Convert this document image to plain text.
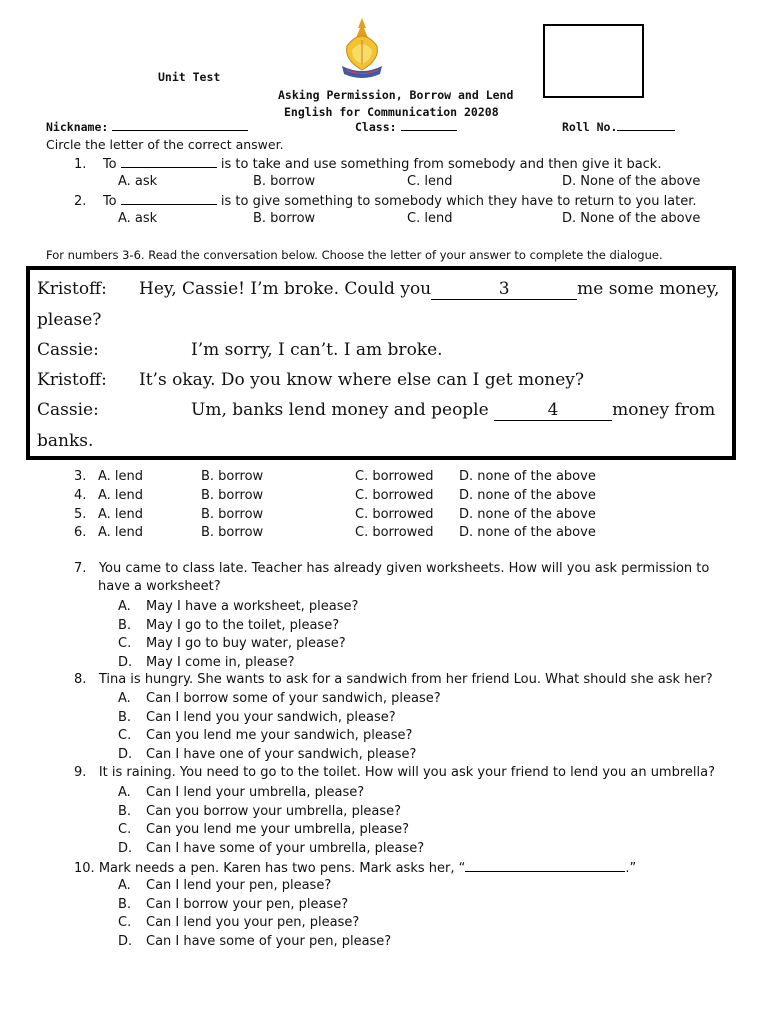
Unit Test
Asking Permission, Borrow and Lend
English for Communication 20208
Nickname:	Class:	Roll No.
Circle the letter of the correct answer.
1. To	is to take and use something from somebody and then give it back.
A. ask	B. borrow	C. lend	D. None of the above
2. To	is to give something to somebody which they have to return to you later.
A. ask	B. borrow	C. lend	D. None of the above
For numbers 3-6. Read the conversation below. Choose the letter of your answer to complete the dialogue.
Kristoff: Hey, Cassie! I’m broke. Could you	3	me some money,
please?
Cassie:	I’m sorry, I can’t. I am broke.
Kristoff: It’s okay. Do you know where else can I get money?
Cassie:	Um, banks lend money and people	4	money from
banks.
3. A. lend	B. borrow	C. borrowed D. none of the above
4. A. lend	B. borrow	C. borrowed D. none of the above
5. A. lend	B. borrow	C. borrowed D. none of the above
6. A. lend	B. borrow	C. borrowed D. none of the above
7. You came to class late. Teacher has already given worksheets. How will you ask permission to
have a worksheet?
A. May I have a worksheet, please?
B. May I go to the toilet, please?
C. May I go to buy water, please?
D. May I come in, please?
8. Tina is hungry. She wants to ask for a sandwich from her friend Lou. What should she ask her?
A. Can I borrow some of your sandwich, please?
B. Can I lend you your sandwich, please?
C. Can you lend me your sandwich, please?
D. Can I have one of your sandwich, please?
9. It is raining. You need to go to the toilet. How will you ask your friend to lend you an umbrella?
A. Can I lend your umbrella, please?
B. Can you borrow your umbrella, please?
C. Can you lend me your umbrella, please?
D. Can I have some of your umbrella, please?
10. Mark needs a pen. Karen has two pens. Mark asks her, “	.”
A. Can I lend your pen, please?
B. Can I borrow your pen, please?
C. Can I lend you your pen, please?
D. Can I have some of your pen, please?
